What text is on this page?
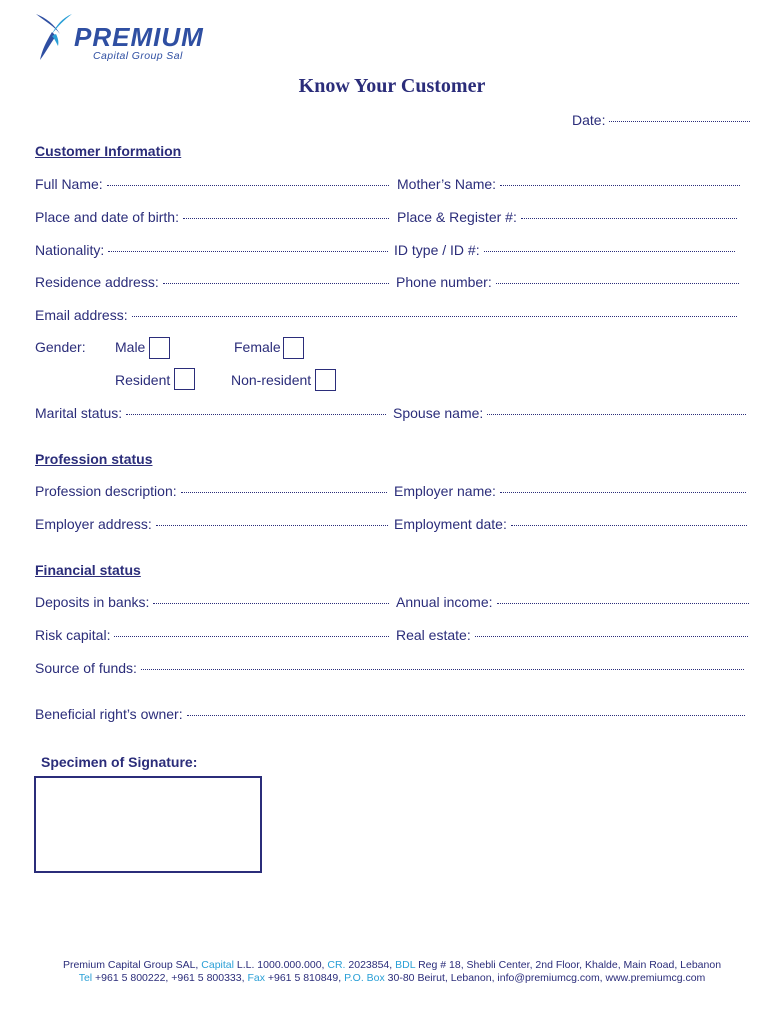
PREMIUM
Capital Group Sal
Know Your Customer
Date:
Customer Information
Full Name:	Mother’s Name:
Place and date of birth:	Place & Register #:
Nationality:	ID type / ID #:
Residence address:	Phone number:
Email address:
Gender: Male	Female
Resident	Non-resident
Marital status:	Spouse name:
Profession status
Profession description:	Employer name:
Employer address:	Employment date:
Financial status
Deposits in banks:	Annual income:
Risk capital:	Real estate:
Source of funds:
Beneficial right’s owner:
Specimen of Signature:
Premium Capital Group SAL, Capital L.L. 1000.000.000, CR. 2023854, BDL Reg # 18, Shebli Center, 2nd Floor, Khalde, Main Road, Lebanon
Tel +961 5 800222, +961 5 800333, Fax +961 5 810849, P.O. Box 30-80 Beirut, Lebanon, info@premiumcg.com, www.premiumcg.com
